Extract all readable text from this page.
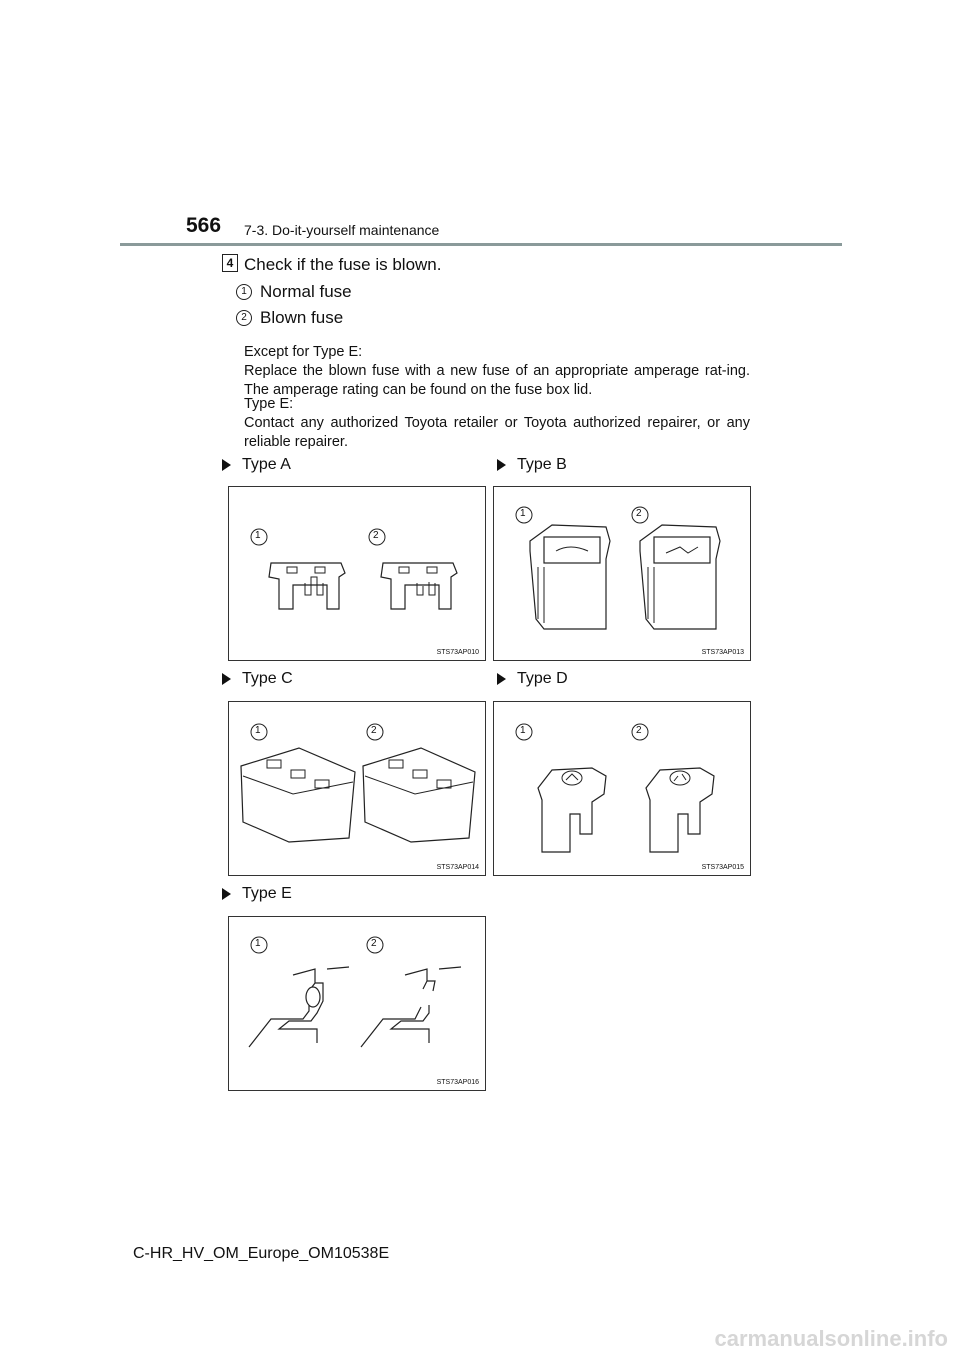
566 7-3. Do-it-yourself maintenance
4 Check if the fuse is blown.
1 Normal fuse
2 Blown fuse
Except for Type E:
Replace the blown fuse with a new fuse of an appropriate amperage rat-ing. The amperage rating can be found on the fuse box lid.
Type E:
Contact any authorized Toyota retailer or Toyota authorized repairer, or any reliable repairer.
Type A	Type B
Type C	Type D
Type E
1	2
STS73AP010
1	2
STS73AP013
1	2
STS73AP014
1	2
STS73AP015
1	2
STS73AP016
C-HR_HV_OM_Europe_OM10538E
carmanualsonline.info
